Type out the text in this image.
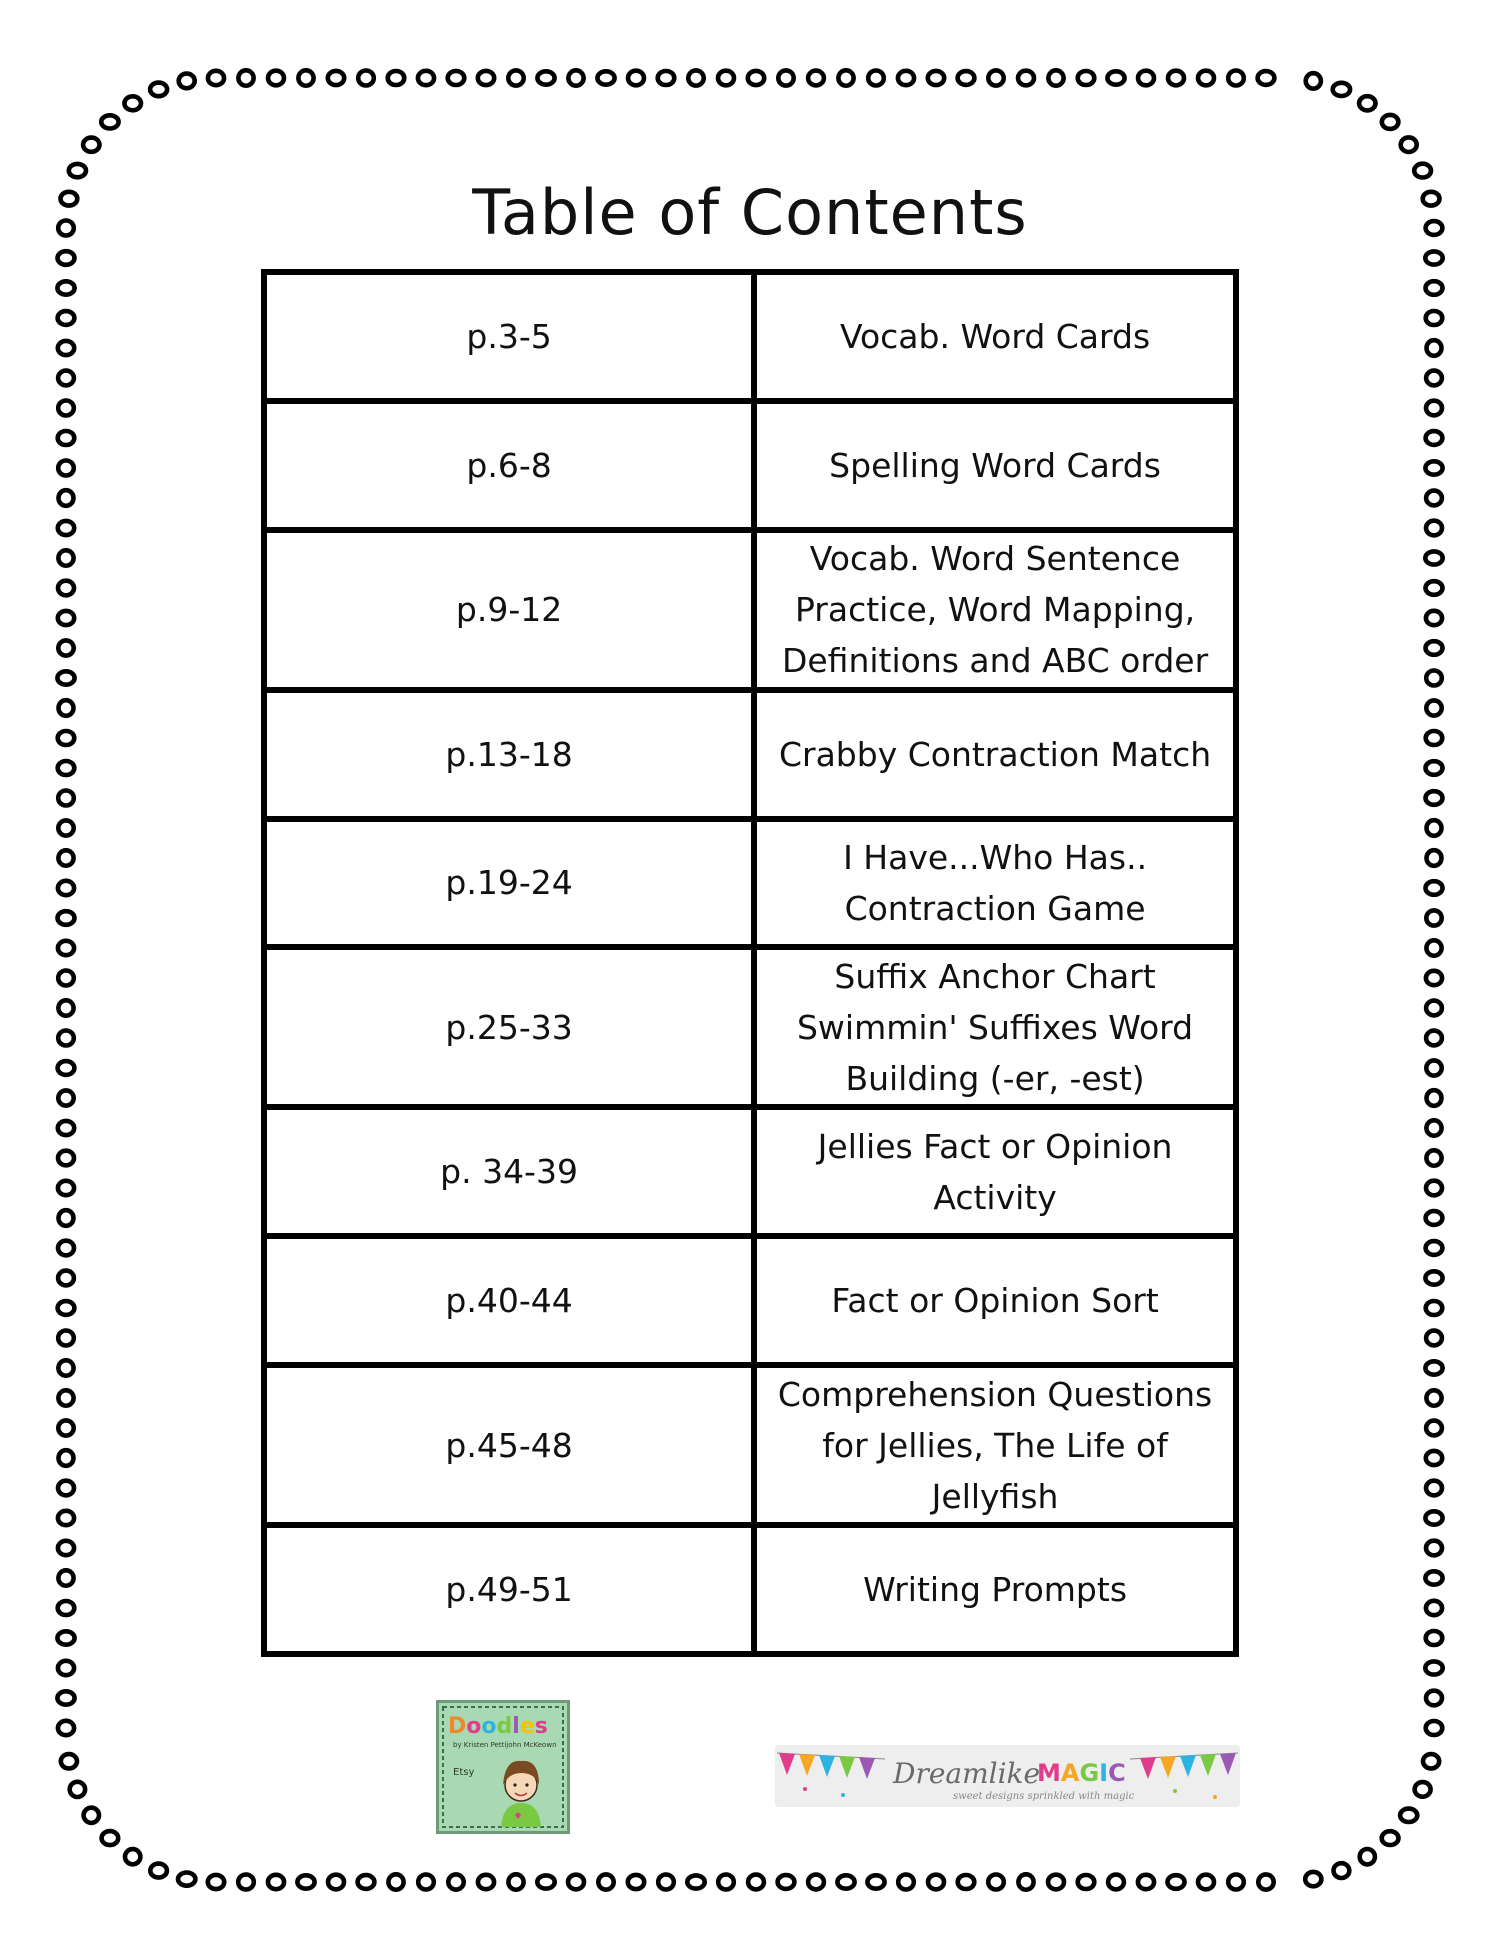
Table of Contents
p.3-5	Vocab. Word Cards
p.6-8	Spelling Word Cards
p.9-12	Vocab. Word Sentence Practice, Word Mapping, Definitions and ABC order
p.13-18	Crabby Contraction Match
p.19-24	I Have...Who Has.. Contraction Game
p.25-33	Suffix Anchor Chart Swimmin' Suffixes Word Building (-er, -est)
p. 34-39	Jellies Fact or Opinion Activity
p.40-44	Fact or Opinion Sort
p.45-48	Comprehension Questions for Jellies, The Life of Jellyfish
p.49-51	Writing Prompts
Doodles
by Kristen Pettijohn McKeown
Etsy	Dreamlike
MAGIC
sweet designs sprinkled with magic
